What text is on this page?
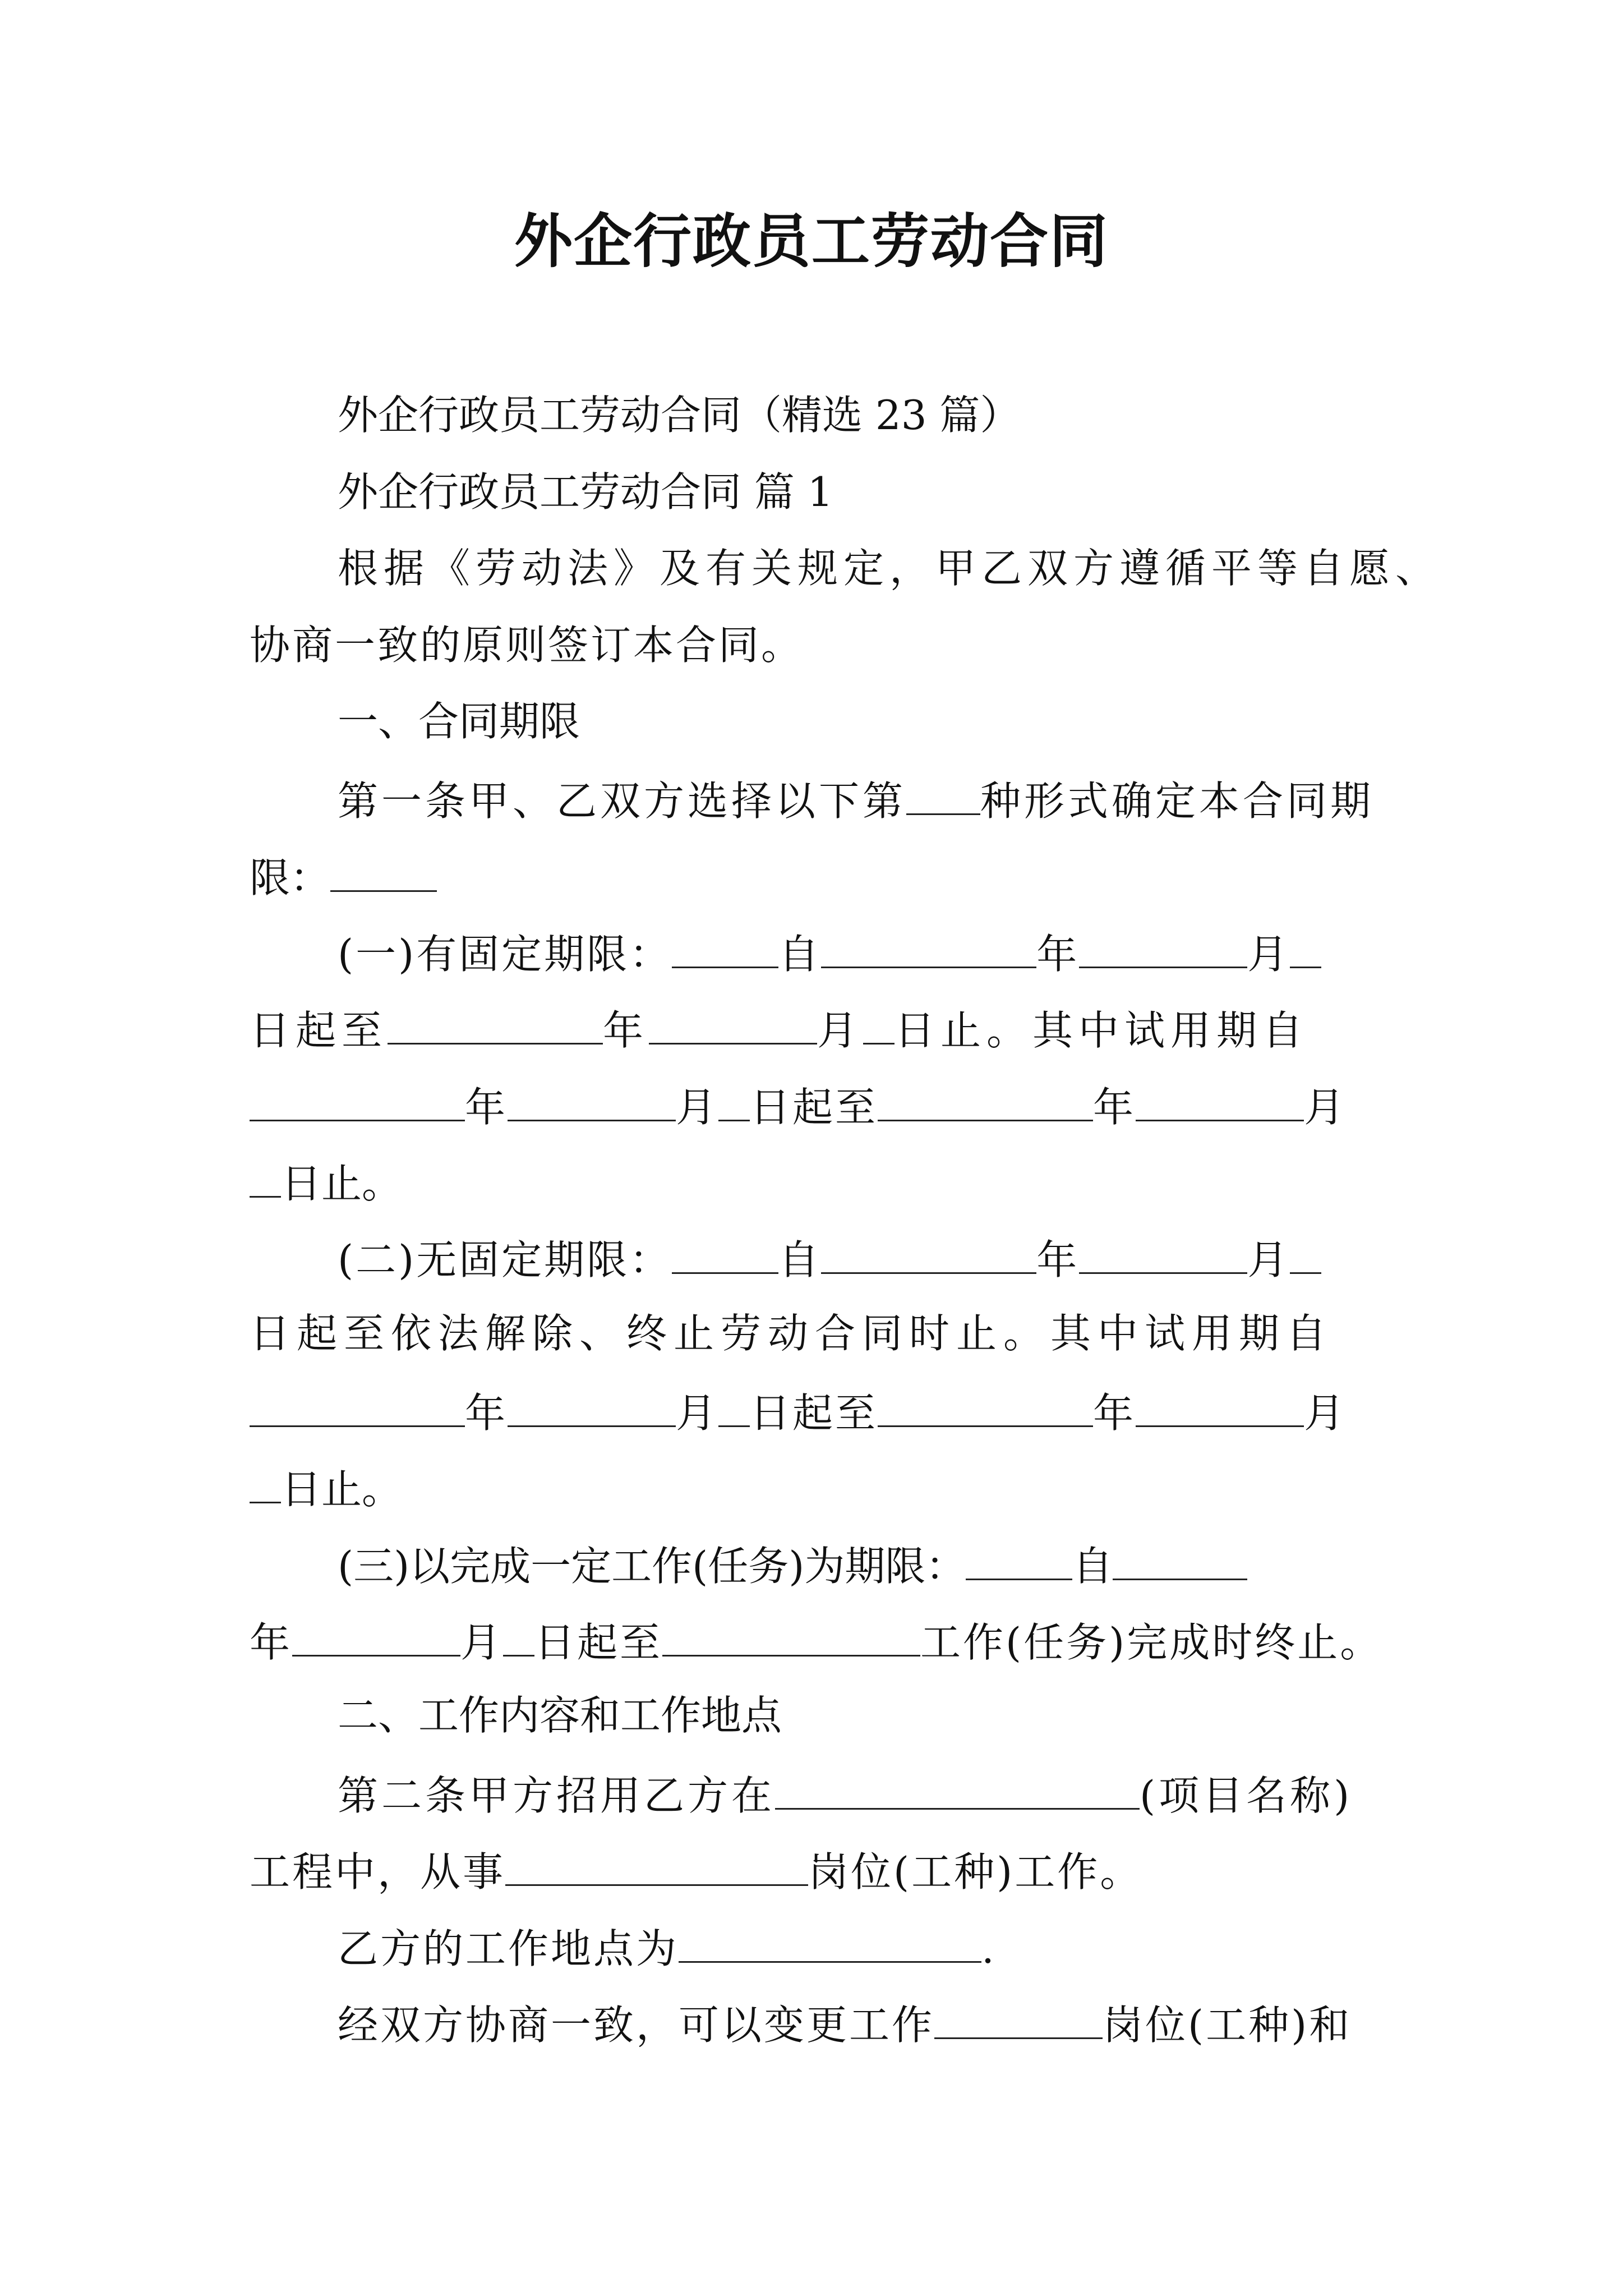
外企行政员工劳动合同
外企行政员工劳动合同（精选 23 篇）
外企行政员工劳动合同 篇 1
根据《劳动法》及有关规定，甲乙双方遵循平等自愿、
协商一致的原则签订本合同。
一、合同期限
第一条甲、乙双方选择以下第 种形式确定本合同期
限：
(一)有固定期限：	自	年	月
日起至	年	月 日止。其中试用期自
年	月 日起至	年	月
日止。
(二)无固定期限：	自	年	月
日起至依法解除、终止劳动合同时止。其中试用期自
年	月 日起至	年	月
日止。
(三)以完成一定工作(任务)为期限：	自
年	月 日起至	工作(任务)完成时终止。
二、工作内容和工作地点
第二条甲方招用乙方在	(项目名称)
工程中，从事	岗位(工种)工作。
乙方的工作地点为	.
经双方协商一致，可以变更工作	岗位(工种)和
